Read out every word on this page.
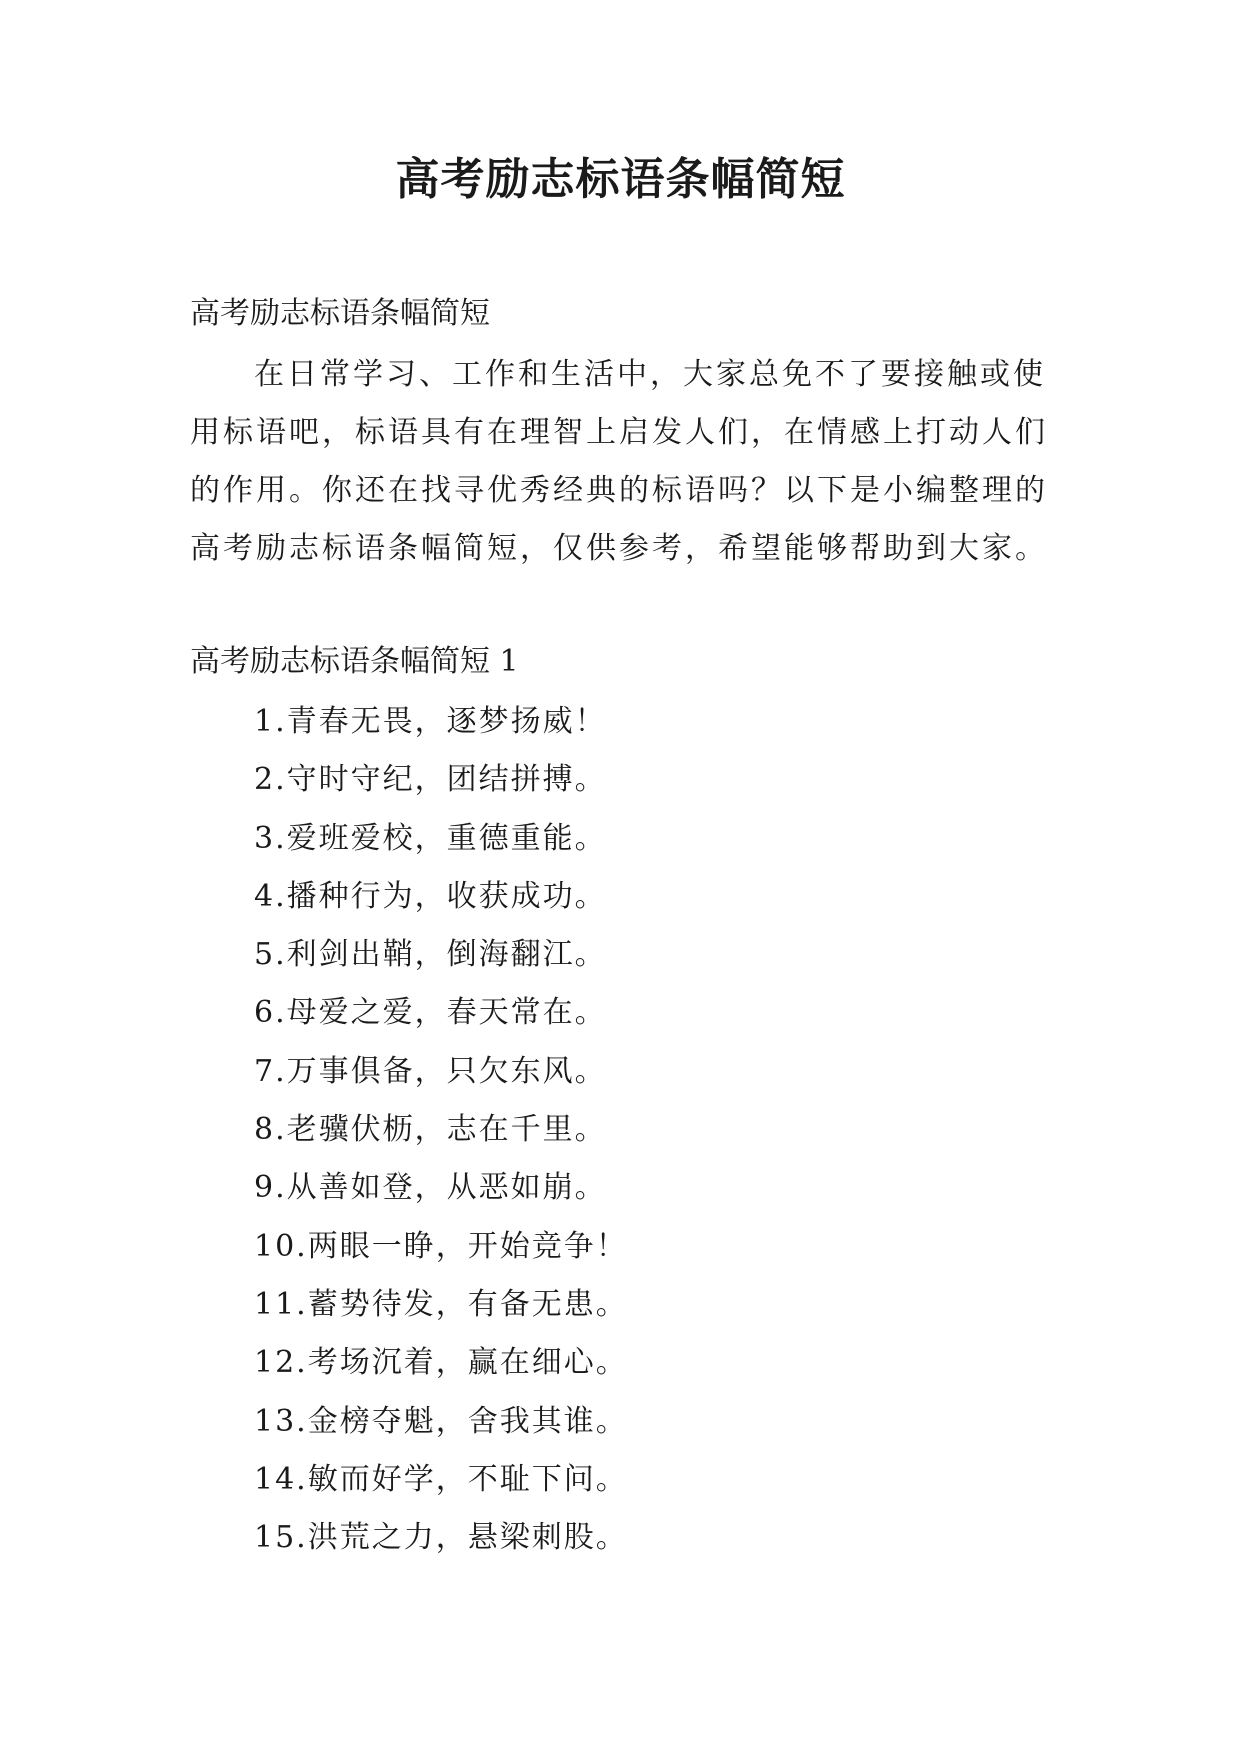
高考励志标语条幅简短

高考励志标语条幅简短

在日常学习、工作和生活中，大家总免不了要接触或使
用标语吧，标语具有在理智上启发人们，在情感上打动人们
的作用。你还在找寻优秀经典的标语吗？以下是小编整理的
高考励志标语条幅简短，仅供参考，希望能够帮助到大家。

高考励志标语条幅简短 1

1.青春无畏，逐梦扬威！
2.守时守纪，团结拼搏。
3.爱班爱校，重德重能。
4.播种行为，收获成功。
5.利剑出鞘，倒海翻江。
6.母爱之爱，春天常在。
7.万事俱备，只欠东风。
8.老骥伏枥，志在千里。
9.从善如登，从恶如崩。
10.两眼一睁，开始竞争！
11.蓄势待发，有备无患。
12.考场沉着，赢在细心。
13.金榜夺魁，舍我其谁。
14.敏而好学，不耻下问。
15.洪荒之力，悬梁刺股。
